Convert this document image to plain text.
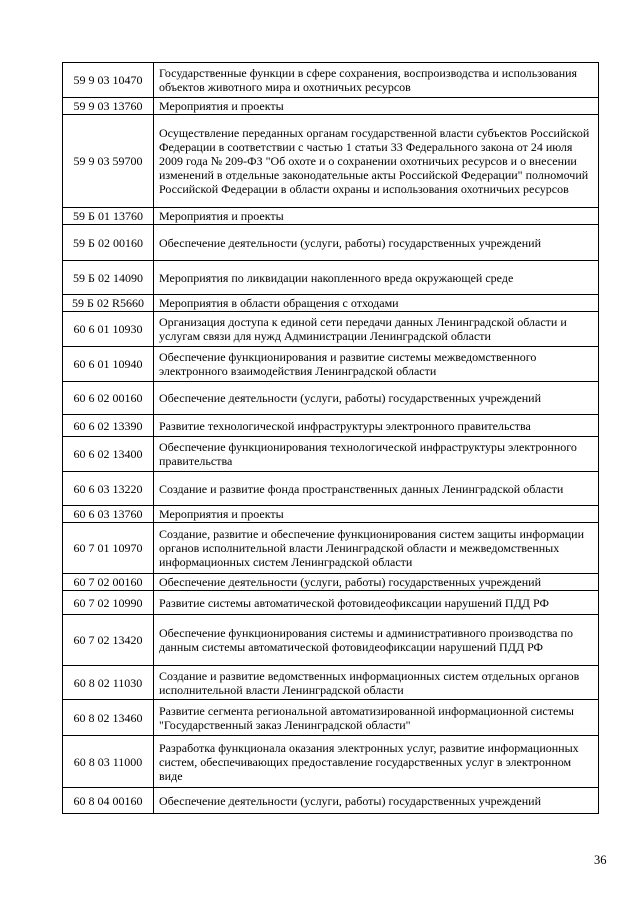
59 9 03 10470	Государственные функции в сфере сохранения, воспроизводства и использования объектов животного мира и охотничьих ресурсов
59 9 03 13760	Мероприятия и проекты
59 9 03 59700	Осуществление переданных органам государственной власти субъектов Российской Федерации в соответствии с частью 1 статьи 33 Федерального закона от 24 июля 2009 года № 209-ФЗ "Об охоте и о сохранении охотничьих ресурсов и о внесении изменений в отдельные законодательные акты Российской Федерации" полномочий Российской Федерации в области охраны и использования охотничьих ресурсов
59 Б 01 13760	Мероприятия и проекты
59 Б 02 00160	Обеспечение деятельности (услуги, работы) государственных учреждений
59 Б 02 14090	Мероприятия по ликвидации накопленного вреда окружающей среде
59 Б 02 R5660	Мероприятия в области обращения с отходами
60 6 01 10930	Организация доступа к единой сети передачи данных Ленинградской области и услугам связи для нужд Администрации Ленинградской области
60 6 01 10940	Обеспечение функционирования и развитие системы межведомственного электронного взаимодействия Ленинградской области
60 6 02 00160	Обеспечение деятельности (услуги, работы) государственных учреждений
60 6 02 13390	Развитие технологической инфраструктуры электронного правительства
60 6 02 13400	Обеспечение функционирования технологической инфраструктуры электронного правительства
60 6 03 13220	Создание и развитие фонда пространственных данных Ленинградской области
60 6 03 13760	Мероприятия и проекты
60 7 01 10970	Создание, развитие и обеспечение функционирования систем защиты информации органов исполнительной власти Ленинградской области и межведомственных информационных систем Ленинградской области
60 7 02 00160	Обеспечение деятельности (услуги, работы) государственных учреждений
60 7 02 10990	Развитие системы автоматической фотовидеофиксации нарушений ПДД РФ
60 7 02 13420	Обеспечение функционирования системы и административного производства по данным системы автоматической фотовидеофиксации нарушений ПДД РФ
60 8 02 11030	Создание и развитие ведомственных информационных систем отдельных органов исполнительной власти Ленинградской области
60 8 02 13460	Развитие сегмента региональной автоматизированной информационной системы "Государственный заказ Ленинградской области"
60 8 03 11000	Разработка функционала оказания электронных услуг, развитие информационных систем, обеспечивающих предоставление государственных услуг в электронном виде
60 8 04 00160	Обеспечение деятельности (услуги, работы) государственных учреждений
36
